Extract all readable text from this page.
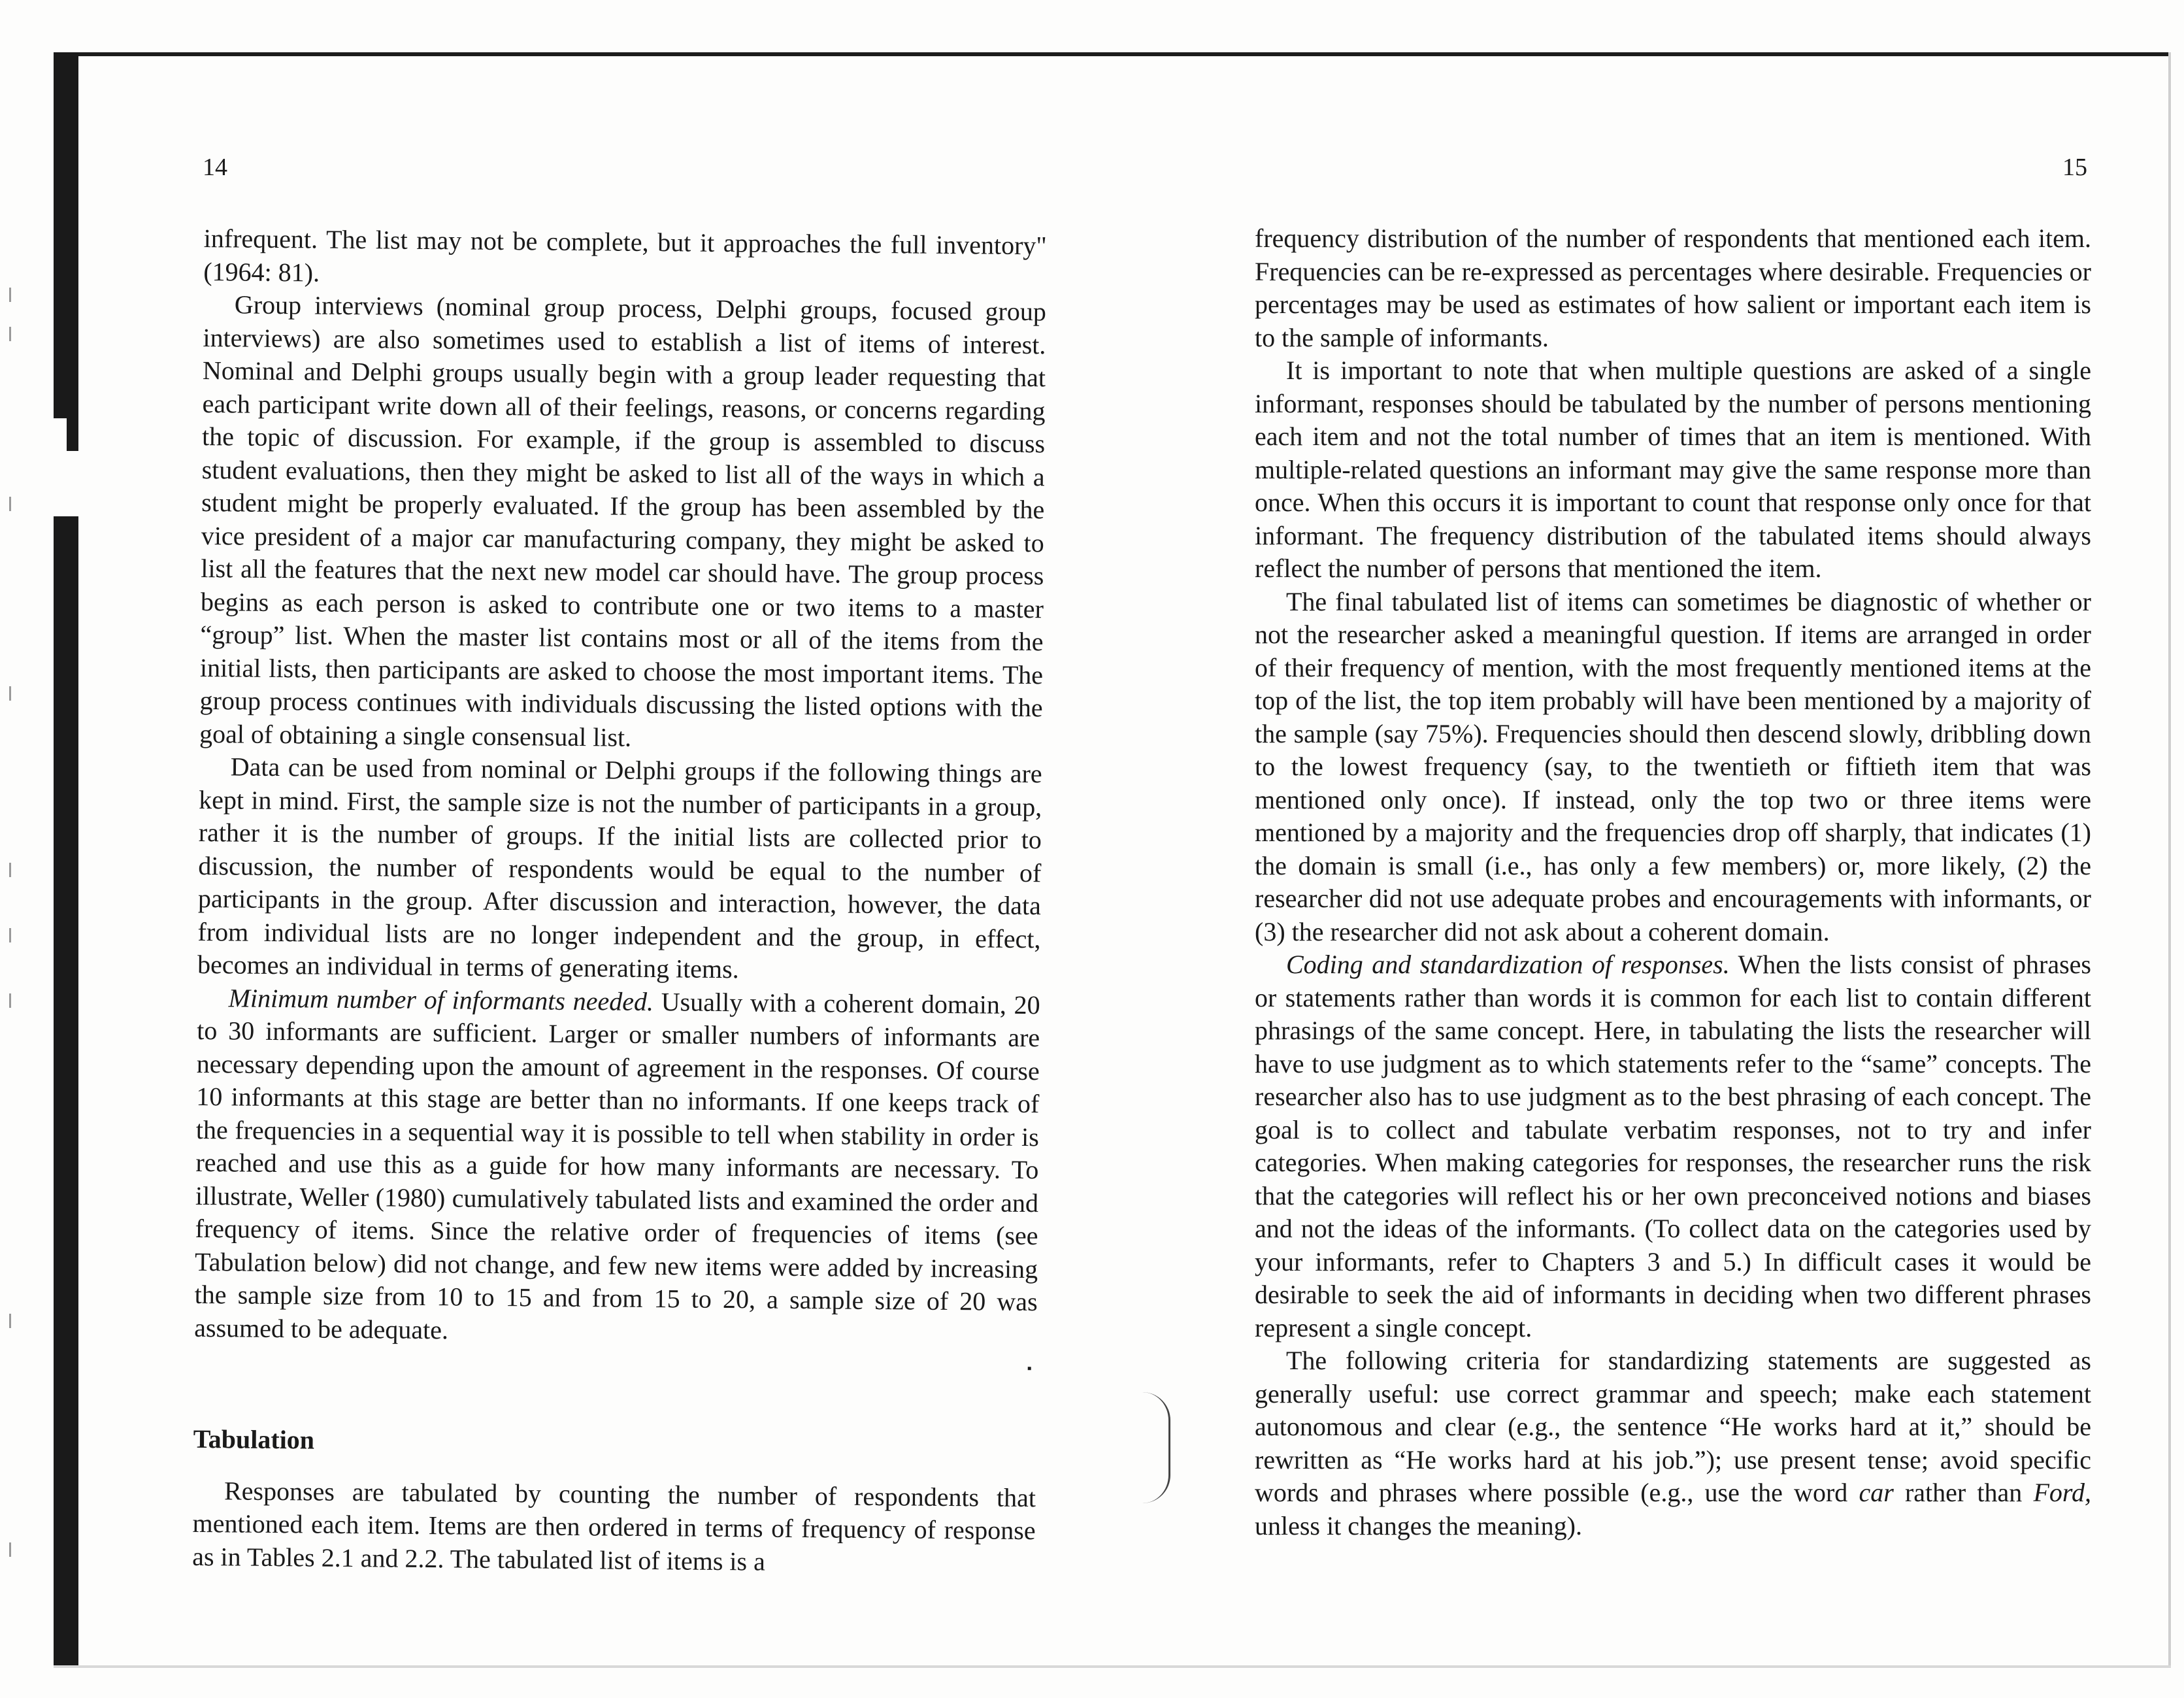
14

infrequent. The list may not be complete, but it approaches the full inventory" (1964: 81).

Group interviews (nominal group process, Delphi groups, focused group interviews) are also sometimes used to establish a list of items of interest. Nominal and Delphi groups usually begin with a group leader requesting that each participant write down all of their feelings, reasons, or concerns regarding the topic of discussion. For example, if the group is assembled to discuss student evaluations, then they might be asked to list all of the ways in which a student might be properly evaluated. If the group has been assembled by the vice president of a major car manufacturing company, they might be asked to list all the features that the next new model car should have. The group process begins as each person is asked to contribute one or two items to a master “group” list. When the master list contains most or all of the items from the initial lists, then participants are asked to choose the most important items. The group process continues with individuals discussing the listed options with the goal of obtaining a single consensual list.

Data can be used from nominal or Delphi groups if the following things are kept in mind. First, the sample size is not the number of participants in a group, rather it is the number of groups. If the initial lists are collected prior to discussion, the number of respondents would be equal to the number of participants in the group. After discussion and interaction, however, the data from individual lists are no longer independent and the group, in effect, becomes an individual in terms of generating items.

Minimum number of informants needed. Usually with a coherent domain, 20 to 30 informants are sufficient. Larger or smaller numbers of informants are necessary depending upon the amount of agreement in the responses. Of course 10 informants at this stage are better than no informants. If one keeps track of the frequencies in a sequential way it is possible to tell when stability in order is reached and use this as a guide for how many informants are necessary. To illustrate, Weller (1980) cumulatively tabulated lists and examined the order and frequency of items. Since the relative order of frequencies of items (see Tabulation below) did not change, and few new items were added by increasing the sample size from 10 to 15 and from 15 to 20, a sample size of 20 was assumed to be adequate.

▪
Tabulation

Responses are tabulated by counting the number of respondents that mentioned each item. Items are then ordered in terms of frequency of response as in Tables 2.1 and 2.2. The tabulated list of items is a

15

frequency distribution of the number of respondents that mentioned each item. Frequencies can be re-expressed as percentages where desirable. Frequencies or percentages may be used as estimates of how salient or important each item is to the sample of informants.

It is important to note that when multiple questions are asked of a single informant, responses should be tabulated by the number of persons mentioning each item and not the total number of times that an item is mentioned. With multiple-related questions an informant may give the same response more than once. When this occurs it is important to count that response only once for that informant. The frequency distribution of the tabulated items should always reflect the number of persons that mentioned the item.

The final tabulated list of items can sometimes be diagnostic of whether or not the researcher asked a meaningful question. If items are arranged in order of their frequency of mention, with the most frequently mentioned items at the top of the list, the top item probably will have been mentioned by a majority of the sample (say 75%). Frequencies should then descend slowly, dribbling down to the lowest frequency (say, to the twentieth or fiftieth item that was mentioned only once). If instead, only the top two or three items were mentioned by a majority and the frequencies drop off sharply, that indicates (1) the domain is small (i.e., has only a few members) or, more likely, (2) the researcher did not use adequate probes and encouragements with informants, or (3) the researcher did not ask about a coherent domain.

Coding and standardization of responses. When the lists consist of phrases or statements rather than words it is common for each list to contain different phrasings of the same concept. Here, in tabulating the lists the researcher will have to use judgment as to which statements refer to the “same” concepts. The researcher also has to use judgment as to the best phrasing of each concept. The goal is to collect and tabulate verbatim responses, not to try and infer categories. When making categories for responses, the researcher runs the risk that the categories will reflect his or her own preconceived notions and biases and not the ideas of the informants. (To collect data on the categories used by your informants, refer to Chapters 3 and 5.) In difficult cases it would be desirable to seek the aid of informants in deciding when two different phrases represent a single concept.

The following criteria for standardizing statements are suggested as generally useful: use correct grammar and speech; make each statement autonomous and clear (e.g., the sentence “He works hard at it,” should be rewritten as “He works hard at his job.”); use present tense; avoid specific words and phrases where possible (e.g., use the word car rather than Ford, unless it changes the meaning).
